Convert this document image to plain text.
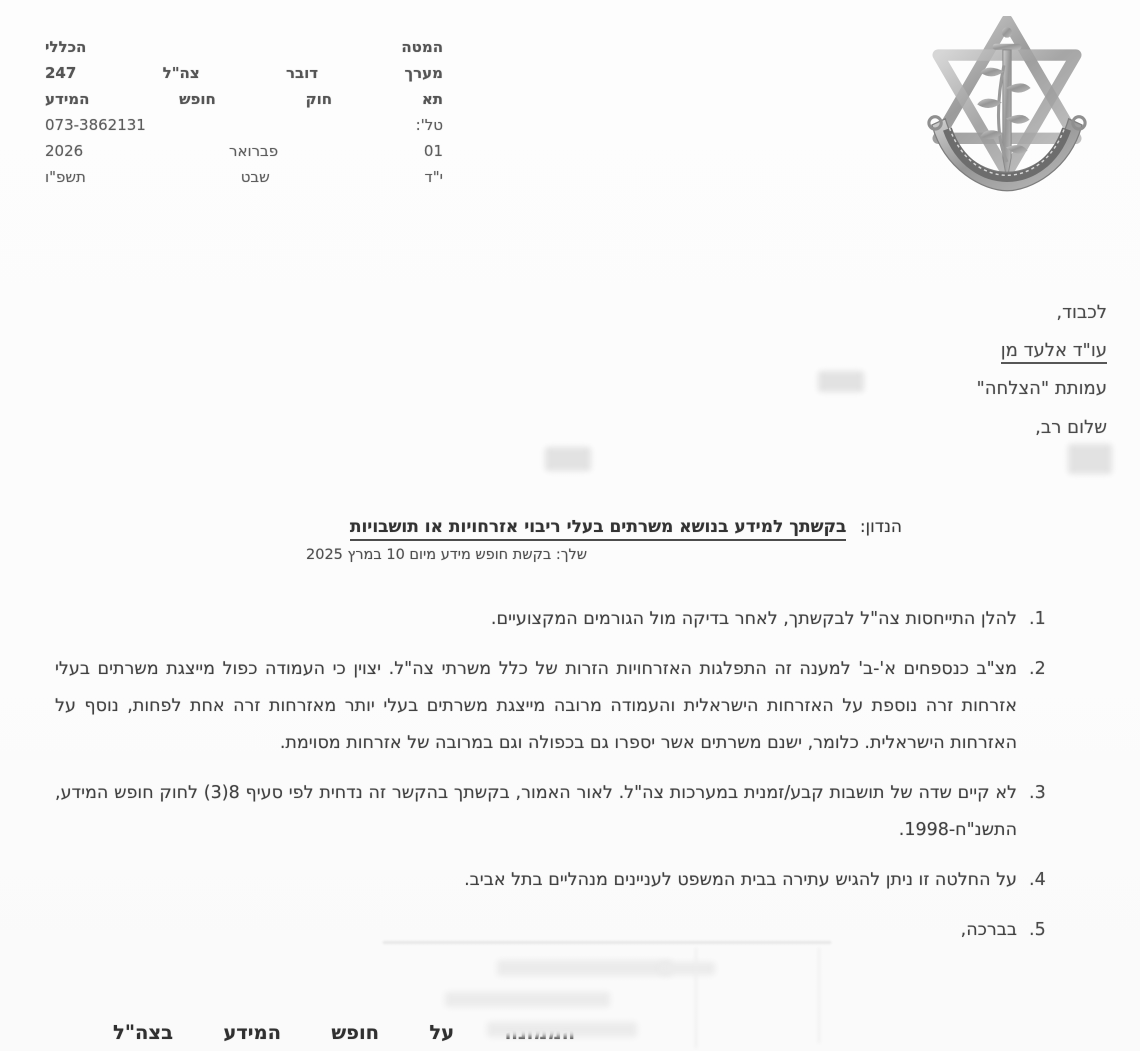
המטה
הכללי
מערך
דובר
צה"ל
247
תא
חוק
חופש
המידע
טל':
073-3862131
01
פברואר
2026
י"ד
שבט
תשפ"ו
לכבוד,
עו"ד אלעד מן
עמותת "הצלחה"
שלום רב,
הנדון: בקשתך למידע בנושא משרתים בעלי ריבוי אזרחויות או תושבויות
שלך: בקשת חופש מידע מיום 10 במרץ 2025
1.
להלן התייחסות צה"ל לבקשתך, לאחר בדיקה מול הגורמים המקצועיים.
2.
מצ"ב כנספחים א'-ב' למענה זה התפלגות האזרחויות הזרות של כלל משרתי צה"ל. יצוין כי העמודה כפול מייצגת משרתים בעלי אזרחות זרה נוספת על האזרחות הישראלית והעמודה מרובה מייצגת משרתים בעלי יותר מאזרחות זרה אחת לפחות, נוסף על האזרחות הישראלית. כלומר, ישנם משרתים אשר יספרו גם בכפולה וגם במרובה של אזרחות מסוימת.
3.
לא קיים שדה של תושבות קבע/זמנית במערכות צה"ל. לאור האמור, בקשתך בהקשר זה נדחית לפי סעיף 8(3) לחוק חופש המידע, התשנ"ח-1998.
4.
על החלטה זו ניתן להגיש עתירה בבית המשפט לעניינים מנהליים בתל אביב.
5.
בברכה,
על
חופש
המידע
בצה"ל
